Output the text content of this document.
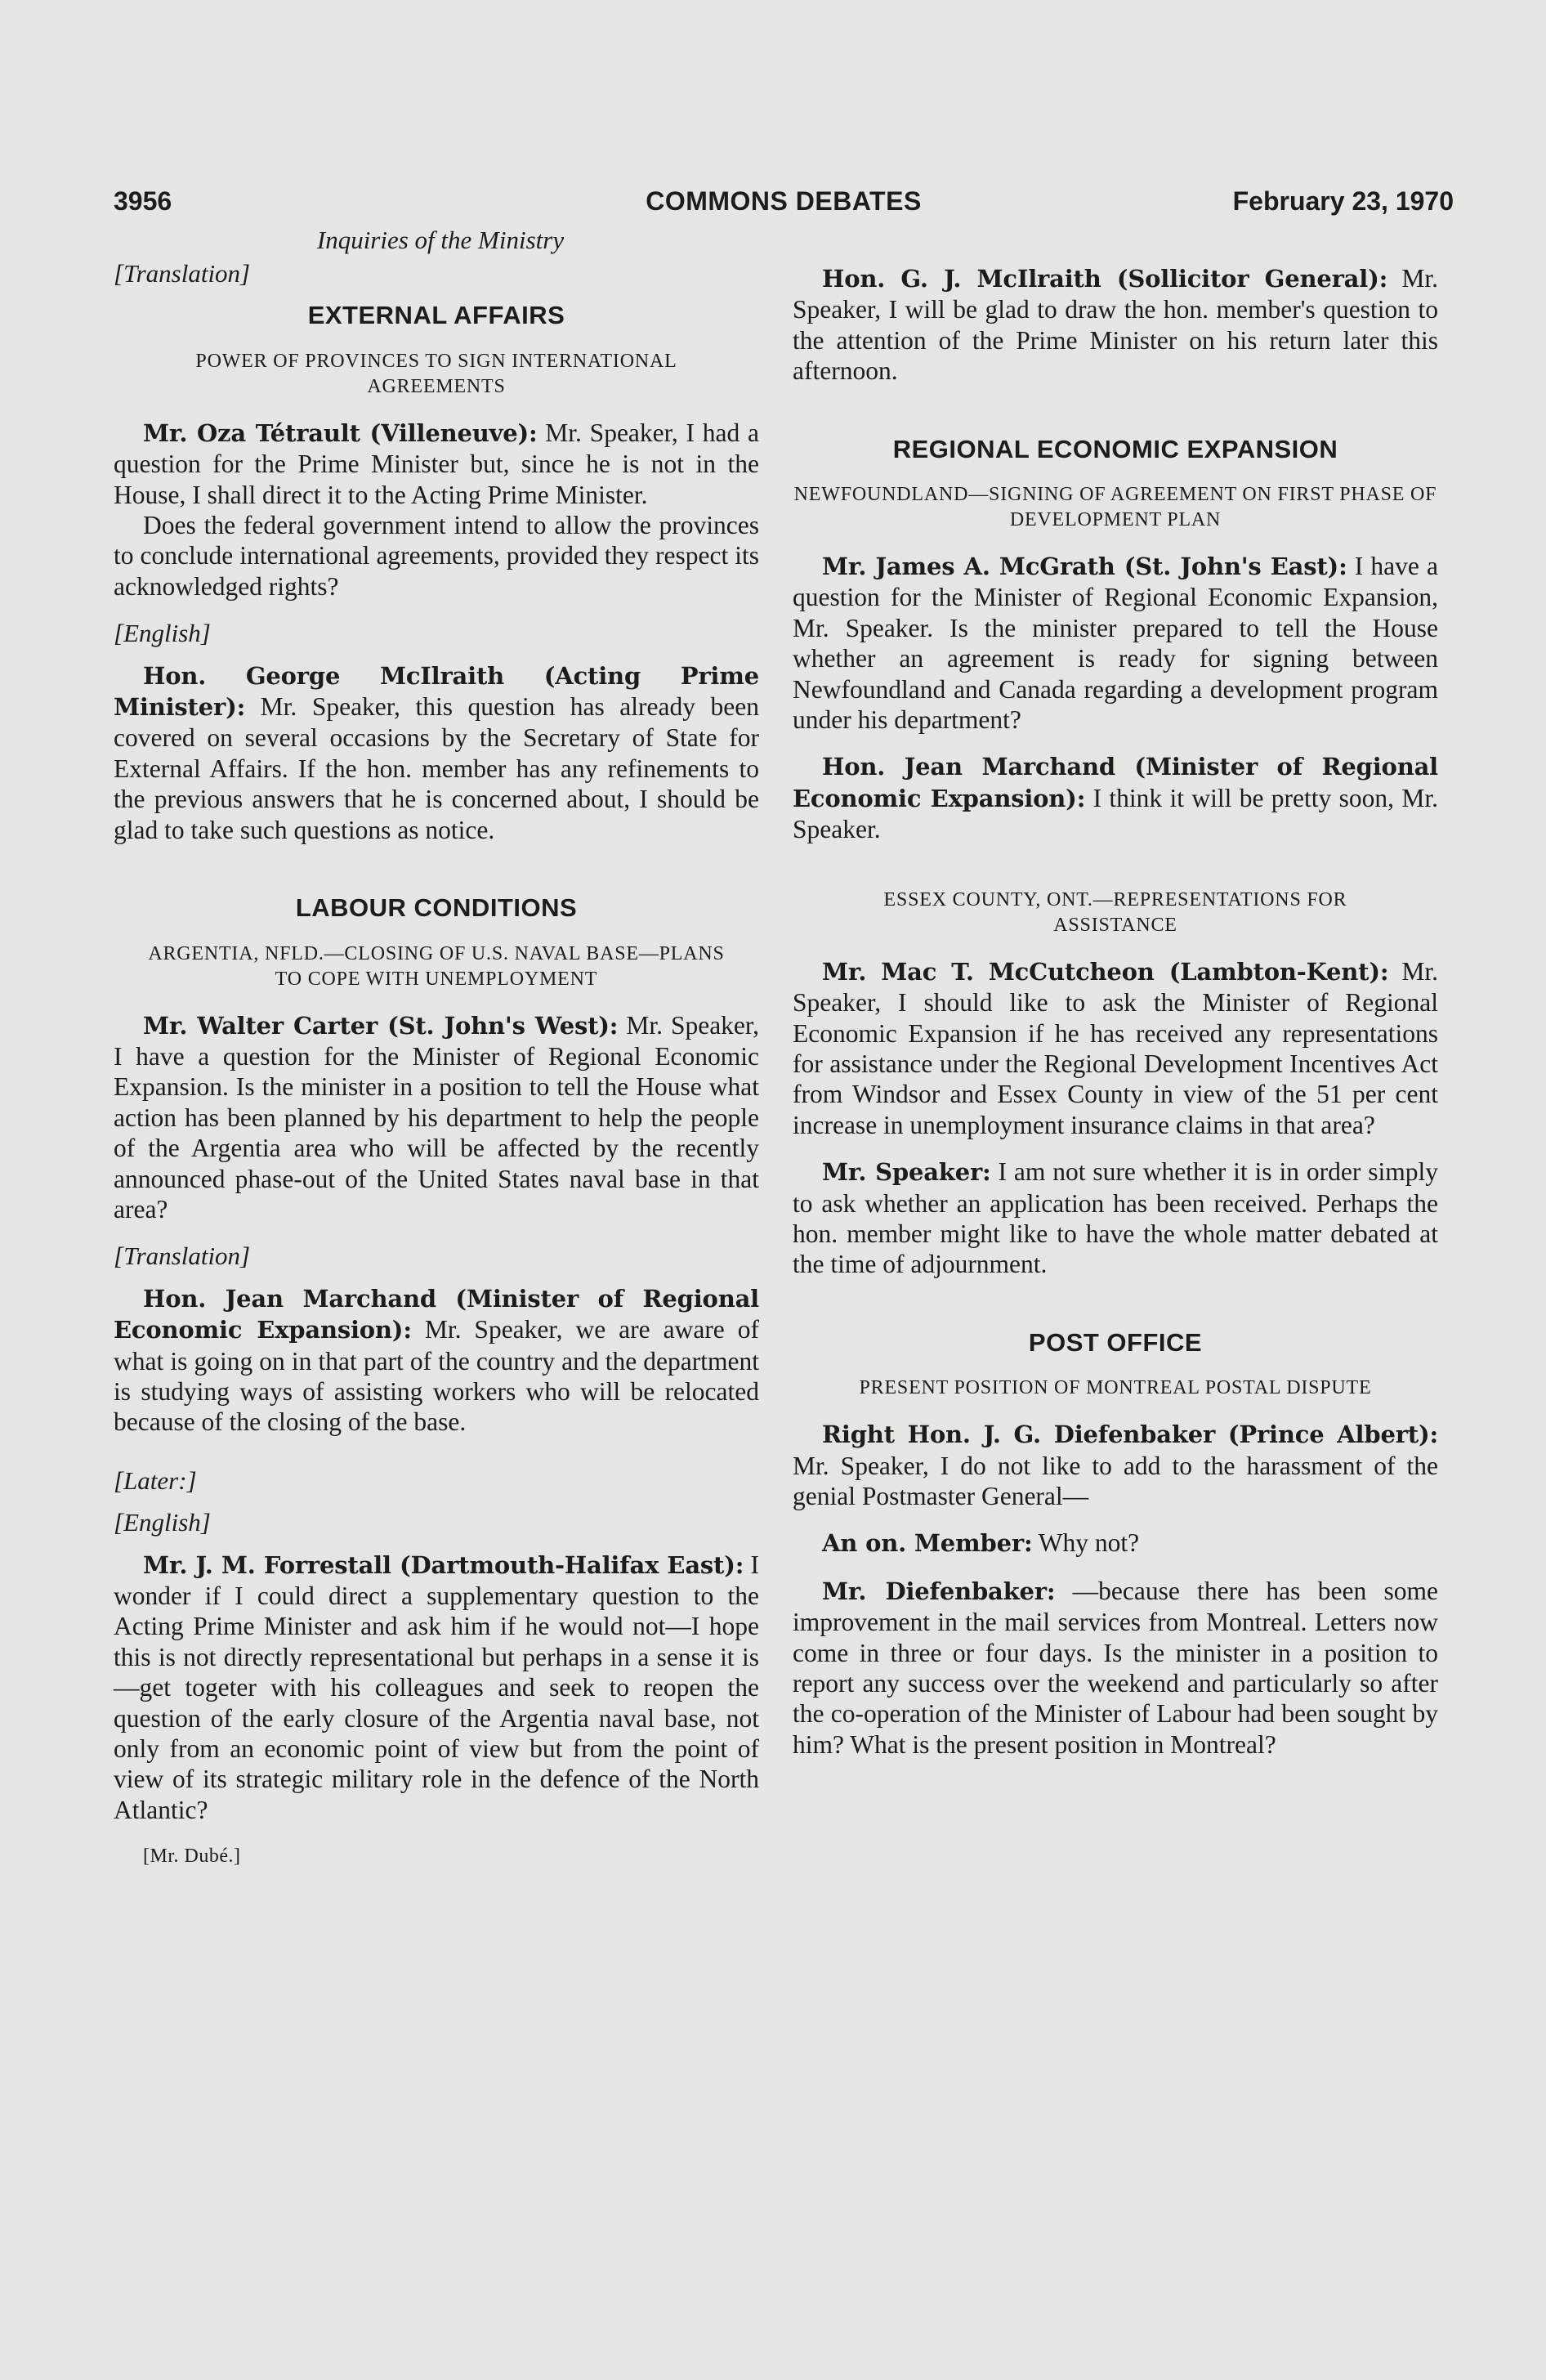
3956	COMMONS DEBATES	February 23, 1970
Inquiries of the Ministry
[Translation]
EXTERNAL AFFAIRS
POWER OF PROVINCES TO SIGN INTERNATIONAL AGREEMENTS

Mr. Oza Tétrault (Villeneuve): Mr. Speaker, I had a question for the Prime Minister but, since he is not in the House, I shall direct it to the Acting Prime Minister.

Does the federal government intend to allow the provinces to conclude international agreements, provided they respect its acknowledged rights?

[English]

Hon. George McIlraith (Acting Prime Minister): Mr. Speaker, this question has already been covered on several occasions by the Secretary of State for External Affairs. If the hon. member has any refinements to the previous answers that he is concerned about, I should be glad to take such questions as notice.

LABOUR CONDITIONS
ARGENTIA, NFLD.—CLOSING OF U.S. NAVAL BASE—PLANS TO COPE WITH UNEMPLOYMENT

Mr. Walter Carter (St. John's West): Mr. Speaker, I have a question for the Minister of Regional Economic Expansion. Is the minister in a position to tell the House what action has been planned by his department to help the people of the Argentia area who will be affected by the recently announced phase-out of the United States naval base in that area?

[Translation]

Hon. Jean Marchand (Minister of Regional Economic Expansion): Mr. Speaker, we are aware of what is going on in that part of the country and the department is studying ways of assisting workers who will be relocated because of the closing of the base.

[Later:]
[English]

Mr. J. M. Forrestall (Dartmouth-Halifax East): I wonder if I could direct a supplementary question to the Acting Prime Minister and ask him if he would not—I hope this is not directly representational but perhaps in a sense it is—get togeter with his colleagues and seek to reopen the question of the early closure of the Argentia naval base, not only from an economic point of view but from the point of view of its strategic military role in the defence of the North Atlantic?

[Mr. Dubé.]

Hon. G. J. McIlraith (Sollicitor General): Mr. Speaker, I will be glad to draw the hon. member's question to the attention of the Prime Minister on his return later this afternoon.

REGIONAL ECONOMIC EXPANSION
NEWFOUNDLAND—SIGNING OF AGREEMENT ON FIRST PHASE OF DEVELOPMENT PLAN

Mr. James A. McGrath (St. John's East): I have a question for the Minister of Regional Economic Expansion, Mr. Speaker. Is the minister prepared to tell the House whether an agreement is ready for signing between Newfoundland and Canada regarding a development program under his department?

Hon. Jean Marchand (Minister of Regional Economic Expansion): I think it will be pretty soon, Mr. Speaker.

ESSEX COUNTY, ONT.—REPRESENTATIONS FOR ASSISTANCE

Mr. Mac T. McCutcheon (Lambton-Kent): Mr. Speaker, I should like to ask the Minister of Regional Economic Expansion if he has received any representations for assistance under the Regional Development Incentives Act from Windsor and Essex County in view of the 51 per cent increase in unemployment insurance claims in that area?

Mr. Speaker: I am not sure whether it is in order simply to ask whether an application has been received. Perhaps the hon. member might like to have the whole matter debated at the time of adjournment.

POST OFFICE
PRESENT POSITION OF MONTREAL POSTAL DISPUTE

Right Hon. J. G. Diefenbaker (Prince Albert): Mr. Speaker, I do not like to add to the harassment of the genial Postmaster General—

An on. Member: Why not?

Mr. Diefenbaker: —because there has been some improvement in the mail services from Montreal. Letters now come in three or four days. Is the minister in a position to report any success over the weekend and particularly so after the co-operation of the Minister of Labour had been sought by him? What is the present position in Montreal?
